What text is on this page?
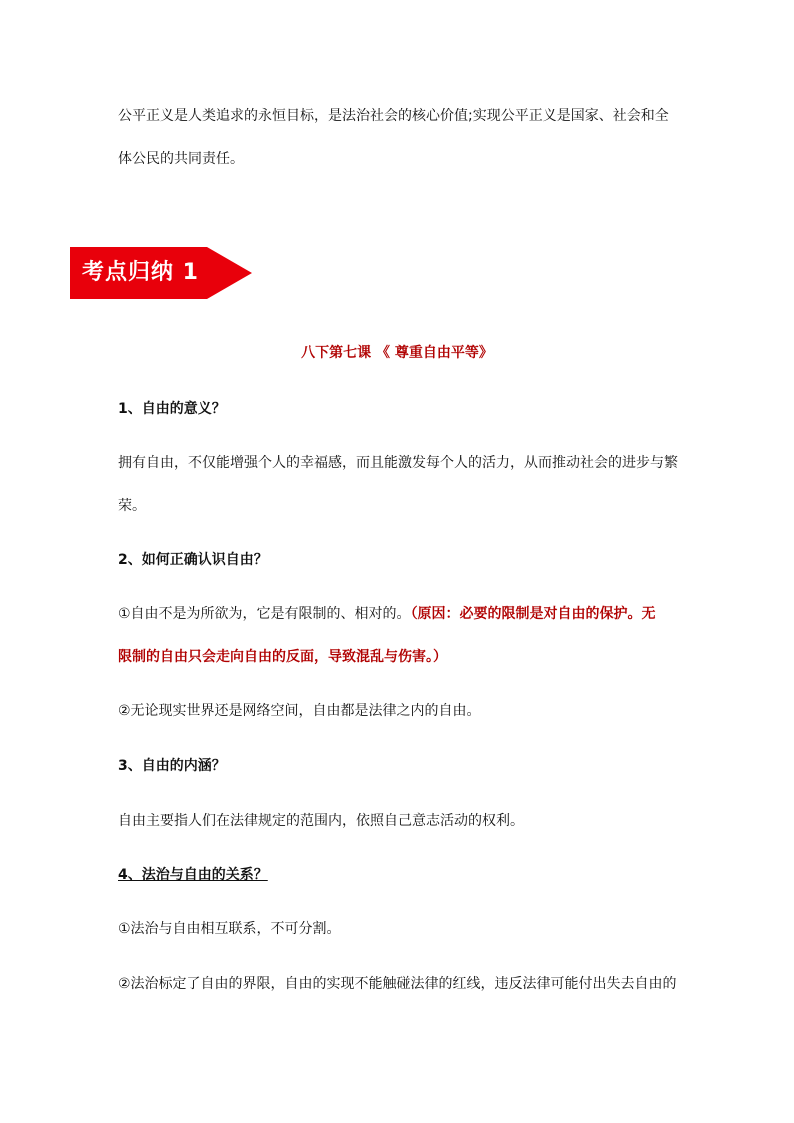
公平正义是人类追求的永恒目标，是法治社会的核心价值;实现公平正义是国家、社会和全
体公民的共同责任。
考点归纳 1
八下第七课 《 尊重自由平等》
1、自由的意义？
拥有自由，不仅能增强个人的幸福感，而且能激发每个人的活力，从而推动社会的进步与繁
荣。
2、如何正确认识自由？
①自由不是为所欲为，它是有限制的、相对的。（原因：必要的限制是对自由的保护。无
限制的自由只会走向自由的反面，导致混乱与伤害。）
②无论现实世界还是网络空间，自由都是法律之内的自由。
3、自由的内涵？
自由主要指人们在法律规定的范围内，依照自己意志活动的权利。
4、法治与自由的关系？
①法治与自由相互联系，不可分割。
②法治标定了自由的界限，自由的实现不能触碰法律的红线，违反法律可能付出失去自由的
